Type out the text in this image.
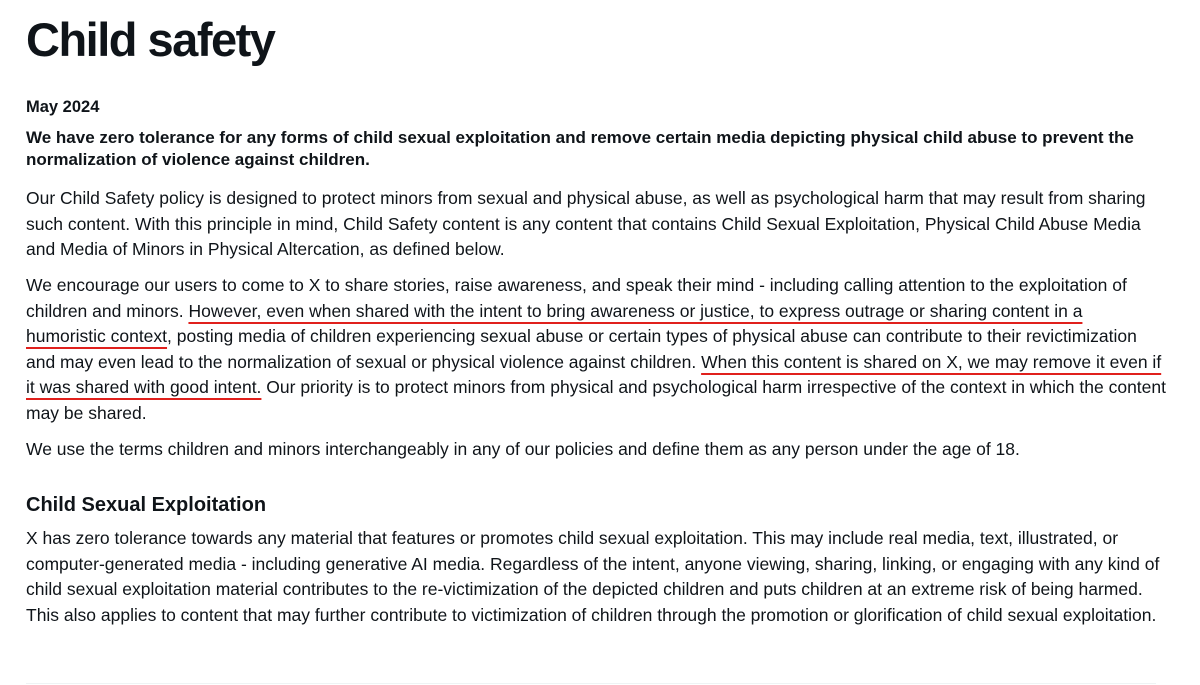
Child safety

May 2024

We have zero tolerance for any forms of child sexual exploitation and remove certain media depicting physical child abuse to prevent the normalization of violence against children.

Our Child Safety policy is designed to protect minors from sexual and physical abuse, as well as psychological harm that may result from sharing such content. With this principle in mind, Child Safety content is any content that contains Child Sexual Exploitation, Physical Child Abuse Media and Media of Minors in Physical Altercation, as defined below.

We encourage our users to come to X to share stories, raise awareness, and speak their mind - including calling attention to the exploitation of children and minors. However, even when shared with the intent to bring awareness or justice, to express outrage or sharing content in a humoristic context, posting media of children experiencing sexual abuse or certain types of physical abuse can contribute to their revictimization and may even lead to the normalization of sexual or physical violence against children. When this content is shared on X, we may remove it even if it was shared with good intent. Our priority is to protect minors from physical and psychological harm irrespective of the context in which the content may be shared.

We use the terms children and minors interchangeably in any of our policies and define them as any person under the age of 18.

Child Sexual Exploitation

X has zero tolerance towards any material that features or promotes child sexual exploitation. This may include real media, text, illustrated, or computer-generated media - including generative AI media. Regardless of the intent, anyone viewing, sharing, linking, or engaging with any kind of child sexual exploitation material contributes to the re-victimization of the depicted children and puts children at an extreme risk of being harmed. This also applies to content that may further contribute to victimization of children through the promotion or glorification of child sexual exploitation.
